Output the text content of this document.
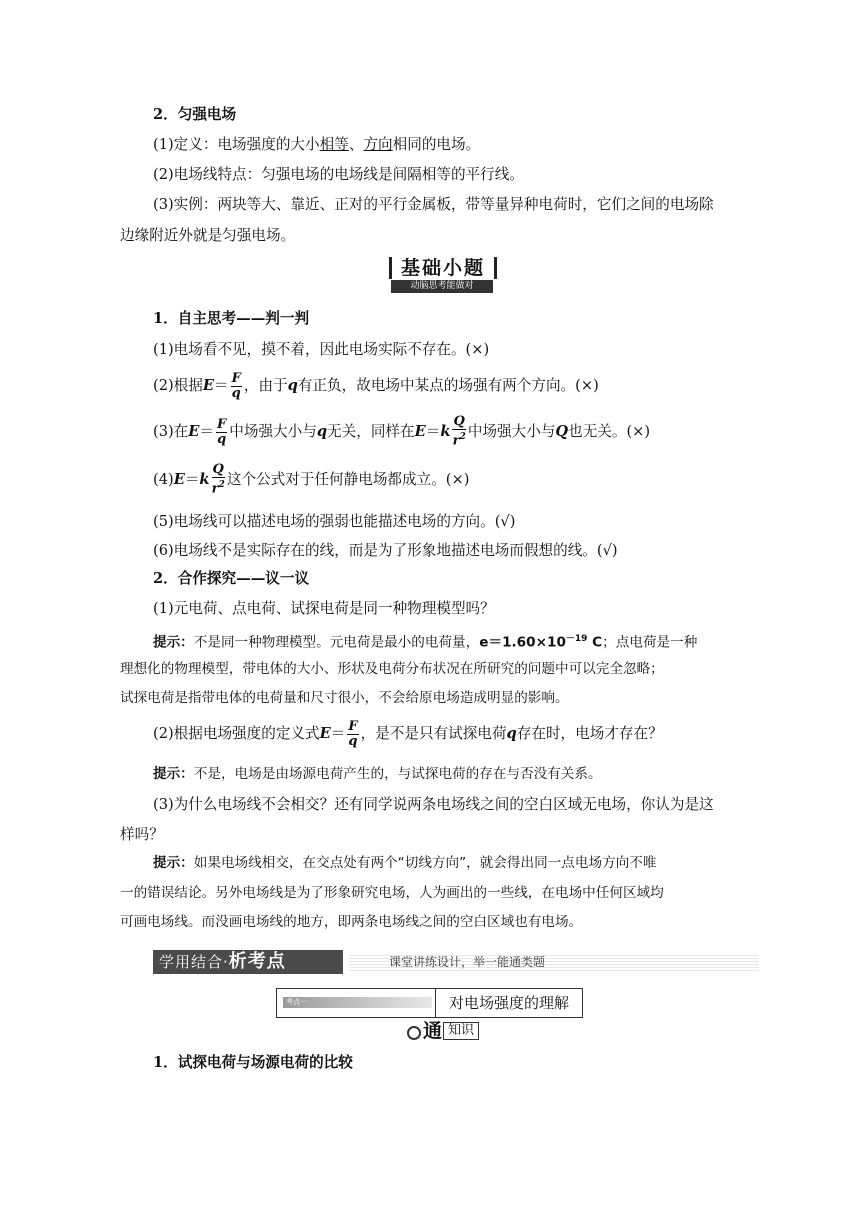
2．匀强电场
(1)定义：电场强度的大小相等、方向相同的电场。
(2)电场线特点：匀强电场的电场线是间隔相等的平行线。
(3)实例：两块等大、靠近、正对的平行金属板，带等量异种电荷时，它们之间的电场除
边缘附近外就是匀强电场。
基础小题
动脑思考能做对
1．自主思考——判一判
(1)电场看不见，摸不着，因此电场实际不存在。(×)
(2)根据$E= \frac{F}{q}$ ，由于q有正负，故电场中某点的场强有两个方向。(×)
(3)在$E= \frac{F}{q}$ 中场强大小与q无关，同样在$E=k \frac{Q}{r^2}$ 中场强大小与Q也无关。(×)
$(4)E=k \frac{Q}{r^2}$ 这个公式对于任何静电场都成立。(×)
(5)电场线可以描述电场的强弱也能描述电场的方向。(√)
(6)电场线不是实际存在的线，而是为了形象地描述电场而假想的线。(√)
2．合作探究——议一议
(1)元电荷、点电荷、试探电荷是同一种物理模型吗？
提示：不是同一种物理模型。元电荷是最小的电荷量，$e=1.60\times 10^{-19}$ C；点电荷是一种
理想化的物理模型，带电体的大小、形状及电荷分布状况在所研究的问题中可以完全忽略；
试探电荷是指带电体的电荷量和尺寸很小，不会给原电场造成明显的影响。
(2)根据电场强度的定义式$E= \frac{F}{q}$ ，是不是只有试探电荷q存在时，电场才存在？
提示：不是，电场是由场源电荷产生的，与试探电荷的存在与否没有关系。
(3)为什么电场线不会相交？还有同学说两条电场线之间的空白区域无电场，你认为是这
样吗？
提示：如果电场线相交，在交点处有两个“切线方向”，就会得出同一点电场方向不唯
一的错误结论。另外电场线是为了形象研究电场，人为画出的一些线，在电场中任何区域均
可画电场线。而没画电场线的地方，即两条电场线之间的空白区域也有电场。
学用结合·析考点	课堂讲练设计，举一能通类题
考点一	对电场强度的理解
通 知识
1．试探电荷与场源电荷的比较
